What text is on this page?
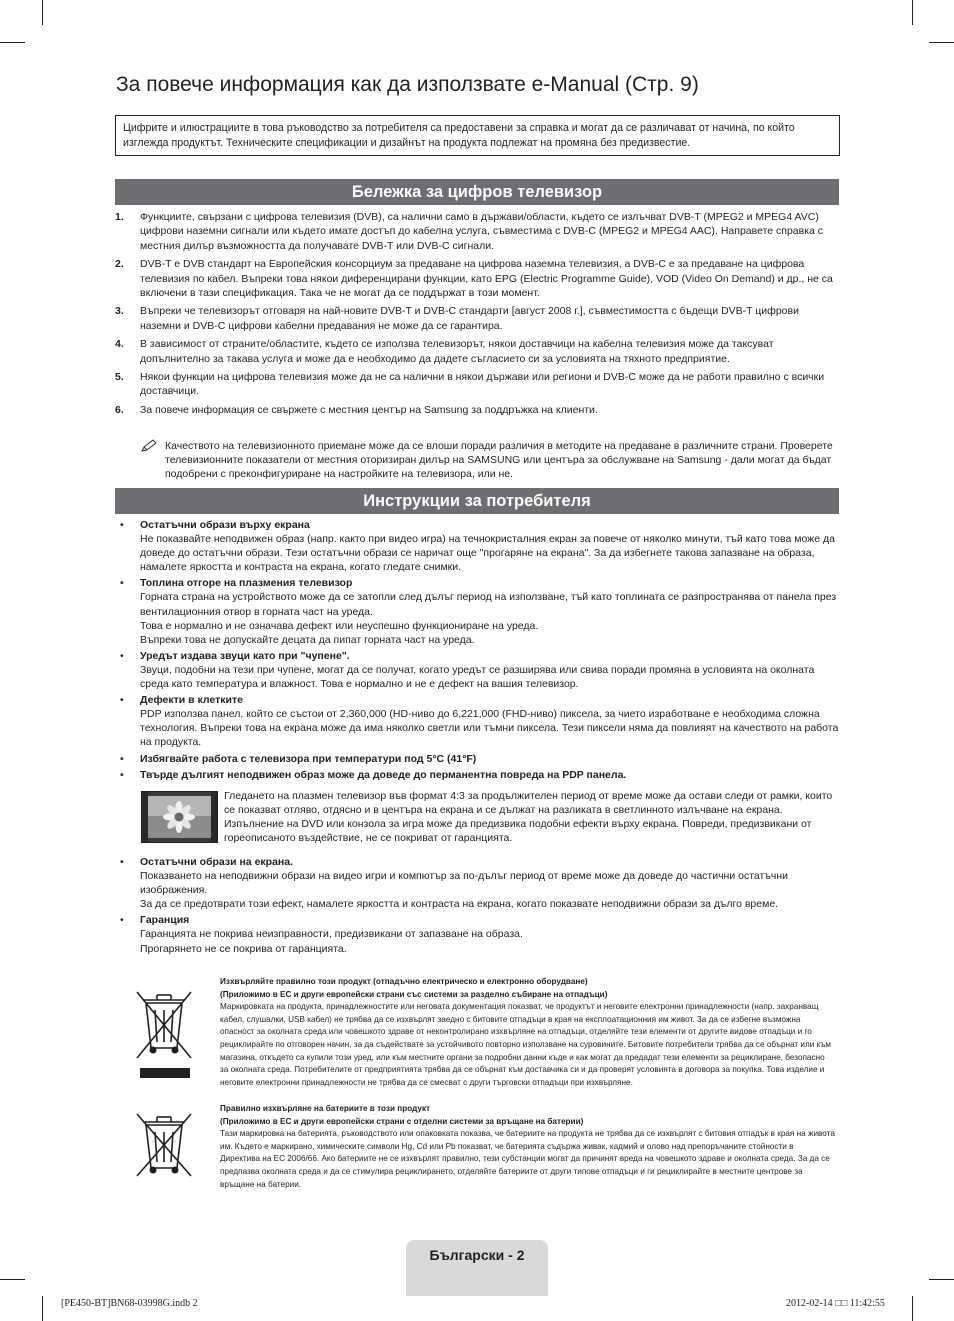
За повече информация как да използвате e-Manual (Стр. 9)
Цифрите и илюстрациите в това ръководство за потребителя са предоставени за справка и могат да се различават от начина, по който изглежда продуктът. Техническите спецификации и дизайнът на продукта подлежат на промяна без предизвестие.
Бележка за цифров телевизор
1. Функциите, свързани с цифрова телевизия (DVB), са налични само в държави/области, където се излъчват DVB-T (MPEG2 и MPEG4 AVC) цифрови наземни сигнали или където имате достъп до кабелна услуга, съвместима с DVB-C (MPEG2 и MPEG4 AAC). Направете справка с местния дилър възможността да получавате DVB-T или DVB-C сигнали.
2. DVB-T е DVB стандарт на Европейския консорциум за предаване на цифрова наземна телевизия, а DVB-C е за предаване на цифрова телевизия по кабел. Въпреки това някои диференцирани функции, като EPG (Electric Programme Guide), VOD (Video On Demand) и др., не са включени в тази спецификация. Така че не могат да се поддържат в този момент.
3. Въпреки че телевизорът отговаря на най-новите DVB-T и DVB-C стандарти [август 2008 г.], съвместимостта с бъдещи DVB-T цифрови наземни и DVB-C цифрови кабелни предавания не може да се гарантира.
4. В зависимост от страните/областите, където се използва телевизорът, някои доставчици на кабелна телевизия може да таксуват допълнително за такава услуга и може да е необходимо да дадете съгласието си за условията на тяхното предприятие.
5. Някои функции на цифрова телевизия може да не са налични в някои държави или региони и DVB-C може да не работи правилно с всички доставчици.
6. За повече информация се свържете с местния център на Samsung за поддръжка на клиенти.
Качеството на телевизионното приемане може да се влоши поради различия в методите на предаване в различните страни. Проверете телевизионните показатели от местния оторизиран дилър на SAMSUNG или центъра за обслужване на Samsung - дали могат да бъдат подобрени с преконфигуриране на настройките на телевизора, или не.
Инструкции за потребителя
• Остатъчни образи върху екрана
Не показвайте неподвижен образ (напр. както при видео игра) на течнокристалния екран за повече от няколко минути, тъй като това може да доведе до остатъчни образи. Тези остатъчни образи се наричат още "прогаряне на екрана". За да избегнете такова запазване на образа, намалете яркостта и контраста на екрана, когато гледате снимки.
• Топлина отгоре на плазмения телевизор
Горната страна на устройството може да се затопли след дълъг период на използване, тъй като топлината се разпространява от панела през вентилационния отвор в горната част на уреда.
Това е нормално и не означава дефект или неуспешно функциониране на уреда.
Въпреки това не допускайте децата да пипат горната част на уреда.
• Уредът издава звуци като при "чупене".
Звуци, подобни на тези при чупене, могат да се получат, когато уредът се разширява или свива поради промяна в условията на околната среда като температура и влажност. Това е нормално и не е дефект на вашия телевизор.
• Дефекти в клетките
PDP използва панел, който се състои от 2,360,000 (HD-ниво до 6,221,000 (FHD-ниво) пиксела, за чието изработване е необходима сложна технология. Въпреки това на екрана може да има няколко светли или тъмни пиксела. Тези пиксели няма да повлияят на качеството на работа на продукта.
• Избягвайте работа с телевизора при температури под 5°C (41°F)
• Твърде дългият неподвижен образ може да доведе до перманентна повреда на PDP панела.
Гледането на плазмен телевизор във формат 4:3 за продължителен период от време може да остави следи от рамки, които се показват отляво, отдясно и в центъра на екрана и се дължат на разликата в светлинното излъчване на екрана. Изпълнение на DVD или конзола за игра може да предизвика подобни ефекти върху екрана. Повреди, предизвикани от гореописаното въздействие, не се покриват от гаранцията.
• Остатъчни образи на екрана.
Показването на неподвижни образи на видео игри и компютър за по-дълъг период от време може да доведе до частични остатъчни изображения.
За да се предотврати този ефект, намалете яркостта и контраста на екрана, когато показвате неподвижни образи за дълго време.
• Гаранция
Гаранцията не покрива неизправности, предизвикани от запазване на образа.
Прогарянето не се покрива от гаранцията.
Изхвърляйте правилно този продукт (отпадъчно електрическо и електронно оборудване)
(Приложимо в ЕС и други европейски страни със системи за разделно събиране на отпадъци)
Маркировката на продукта, принадлежностите или неговата документация показват, че продуктът и неговите електронни принадлежности (напр. захранващ кабел, слушалки, USB кабел) не трябва да се изхвърлят заедно с битовите отпадъци в края на експлоатационния им живот. За да се избегне възможна опасност за околната среда или човешкото здраве от неконтролирано изхвърляне на отпадъци, отделяйте тези елементи от другите видове отпадъци и го рециклирайте по отговорен начин, за да съдействате за устойчивото повторно използване на суровините. Битовите потребители трябва да се обърнат или към магазина, откъдето са купили този уред, или към местните органи за подробни данни къде и как могат да предадат тези елементи за рециклиране, безопасно за околната среда. Потребителите от предприятията трябва да се обърнат към доставчика си и да проверят условията в договора за покупка. Това изделие и неговите електронни принадлежности не трябва да се смесват с други търговски отпадъци при изхвърляне.
Правилно изхвърляне на батериите в този продукт
(Приложимо в ЕС и други европейски страни с отделни системи за връщане на батерии)
Тази маркировка на батерията, ръководството или опаковката показва, че батериите на продукта не трябва да се изхвърлят с битовия отпадък в края на живота им. Където е маркирано, химическите символи Hg, Cd или Pb показват, че батерията съдържа живак, кадмий и олово над препоръчаните стойности в Директива на ЕС 2006/66. Ако батериите не се изхвърлят правилно, тези субстанции могат да причинят вреда на човешкото здраве и околната среда. За да се предпазва околната среда и да се стимулира рециклирането, отделяйте батериите от други типове отпадъци и ги рециклирайте в местните центрове за връщане на батерии.
Български - 2
[PE450-BT]BN68-03998G.indb 2	2012-02-14 □□ 11:42:55
